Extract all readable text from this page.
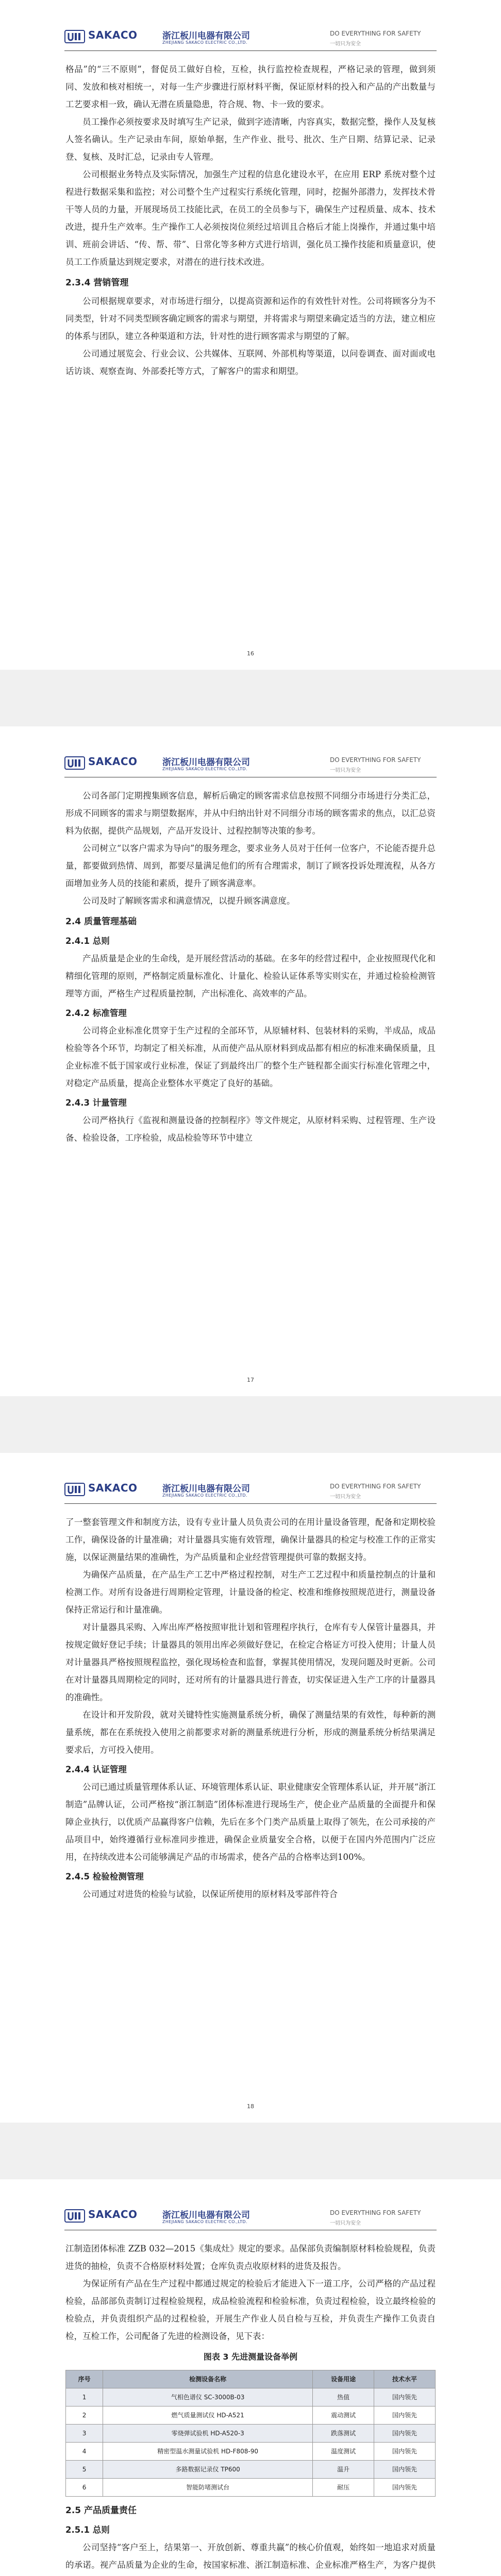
SAKACO	浙江板川电器有限公司
ZHEJIANG SAKACO ELECTRIC CO.,LTD.
DO EVERYTHING FOR SAFETY
一切只为安全

格品”的“三不原则”，督促员工做好自检，互检，执行监控检查规程，严格记录的管理，做到须同、发放和核对相统一，对每一生产步骤进行原材料平衡，保证原材料的投入和产品的产出数量与工艺要求相一致，确认无潜在质量隐患，符合规、物、卡一致的要求。

员工操作必须按要求及时填写生产记录，做到字迹清晰，内容真实，数据完整，操作人及复核人签名确认。生产记录由车间，原始单据，生产作业、批号、批次、生产日期、结算记录、记录登、复核、及时汇总，记录由专人管理。

公司根据业务特点及实际情况，加强生产过程的信息化建设水平，在应用 ERP 系统对整个过程进行数据采集和监控；对公司整个生产过程实行系统化管理，同时，挖掘外部潜力，发挥技术骨干等人员的力量，开展现场员工技能比武，在员工的全员参与下，确保生产过程质量、成本、技术改进，提升生产效率。生产操作工人必须按岗位须经过培训且合格后才能上岗操作，并通过集中培训、班前会讲话、“传、帮、带”、日常化等多种方式进行培训，强化员工操作技能和质量意识，使员工工作质量达到规定要求，对潜在的进行技术改进。

2.3.4 营销管理

公司根据规章要求，对市场进行细分，以提高资源和运作的有效性针对性。公司将顾客分为不同类型，针对不同类型顾客确定顾客的需求与期望，并将需求与期望来确定适当的方法，建立相应的体系与团队，建立各种渠道和方法，针对性的进行顾客需求与期望的了解。

公司通过展览会、行业会议、公共媒体、互联网、外部机构等渠道，以问卷调查、面对面或电话访谈、观察查询、外部委托等方式，了解客户的需求和期望。

16
SAKACO	浙江板川电器有限公司
ZHEJIANG SAKACO ELECTRIC CO.,LTD.
DO EVERYTHING FOR SAFETY
一切只为安全

公司各部门定期搜集顾客信息，解析后确定的顾客需求信息按照不同细分市场进行分类汇总，形成不同顾客的需求与期望数据库，并从中归纳出针对不同细分市场的顾客需求的焦点，以汇总资料为依据，提供产品规划，产品开发设计、过程控制等决策的参考。

公司树立“以客户需求为导向”的服务理念，要求业务人员对于任何一位客户，不论能否提升总量，都要做到热情、周到，都要尽量满足他们的所有合理需求，制订了顾客投诉处理流程，从各方面增加业务人员的技能和素质，提升了顾客满意率。

公司及时了解顾客需求和满意情况，以提升顾客满意度。

2.4 质量管理基础
2.4.1 总则

产品质量是企业的生命线，是开展经营活动的基础。在多年的经营过程中，企业按照现代化和精细化管理的原则，严格制定质量标准化、计量化、检验认证体系等实则实在，并通过检验检测管理等方面，严格生产过程质量控制，产出标准化、高效率的产品。

2.4.2 标准管理

公司将企业标准化贯穿于生产过程的全部环节，从原辅材料、包装材料的采购，半成品，成品检验等各个环节，均制定了相关标准，从而使产品从原材料到成品都有相应的标准来确保质量，且企业标准不低于国家或行业标准，保证了到最终出厂的整个生产链程都全面实行标准化管理之中，对稳定产品质量，提高企业整体水平奠定了良好的基础。

2.4.3 计量管理

公司严格执行《监视和测量设备的控制程序》等文件规定，从原材料采购、过程管理、生产设备、检验设备，工序检验，成品检验等环节中建立

17
SAKACO	浙江板川电器有限公司
ZHEJIANG SAKACO ELECTRIC CO.,LTD.
DO EVERYTHING FOR SAFETY
一切只为安全

了一整套管理文件和制度方法，设有专业计量人员负责公司的在用计量设备管理，配备和定期校验工作，确保设备的计量准确；对计量器具实施有效管理，确保计量器具的检定与校准工作的正常实施，以保证测量结果的准确性，为产品质量和企业经营管理提供可靠的数据支持。

为确保产品质量，在产品生产工艺中严格过程控制，对生产工艺过程中和质量控制点的计量和检测工作。对所有设备进行周期检定管理，计量设备的检定、校准和维修按照规范进行，测量设备保持正常运行和计量准确。

对计量器具采购、入库出库严格按照审批计划和管理程序执行，仓库有专人保管计量器具，并按规定做好登记手续；计量器具的领用出库必须做好登记，在检定合格证方可投入使用；计量人员对计量器具严格按照规程监控，强化现场检查和监督，掌握其使用情况，发现问题及时更新。公司在对计量器具周期检定的同时，还对所有的计量器具进行普查，切实保证进入生产工序的计量器具的准确性。

在设计和开发阶段，就对关键特性实施测量系统分析，确保了测量结果的有效性，每种新的测量系统，都在在系统投入使用之前都要求对新的测量系统进行分析，形成的测量系统分析结果满足要求后，方可投入使用。

2.4.4 认证管理

公司已通过质量管理体系认证、环境管理体系认证、职业健康安全管理体系认证，并开展“浙江制造”品牌认证，公司严格按“浙江制造”团体标准进行现场生产，使企业产品质量的全面提升和保障企业执行，以优质产品赢得客户信赖，先后在多个门类产品质量上取得了领先，在公司承接的产品项目中，始终遵循行业标准同步推进，确保企业质量安全合格，以便于在国内外范围内广泛应用，在持续改进本公司能够满足产品的市场需求，使各产品的合格率达到100%。

2.4.5 检验检测管理

公司通过对进货的检验与试验，以保证所使用的原材料及零部件符合

18
SAKACO	浙江板川电器有限公司
ZHEJIANG SAKACO ELECTRIC CO.,LTD.
DO EVERYTHING FOR SAFETY
一切只为安全

江制造团体标准 ZZB 032—2015《集成灶》规定的要求。品保部负责编制原材料检验规程，负责进货的抽检，负责不合格原材料处置；仓库负责点收原材料的进货及报告。

为保证所有产品在生产过程中都通过规定的检验后才能进入下一道工序，公司严格的产品过程检验，品部部负责制订过程检验规程，成品检验流程和检验标准，负责过程检验，设立最终检验的检验点，并负责组织产品的过程检验，开展生产作业人员自检与互检，并负责生产操作工负责自检，互检工作，公司配备了先进的检测设备，见下表：

图表 3 先进测量设备举例
序号	检测设备名称	设备用途	技术水平
1	气相色谱仪 SC-3000B-03	热值	国内领先
2	燃气质量测试仪 HD-A521	震动测试	国内领先
3	零烧弹试验机 HD-A520-3	跌落测试	国内领先
4	精密型温水测量试验机 HD-F808-90	温度测试	国内领先
5	多路数据记录仪 TP600	温升	国内领先
6	智能防堵测试台	耐压	国内领先
2.5 产品质量责任
2.5.1 总则

公司坚持“客户至上，结果第一、开放创新、尊重共赢”的核心价值观，始终如一地追求对质量的承诺。视产品质量为企业的生命，按国家标准、浙江制造标准、企业标准严格生产，为客户提供
